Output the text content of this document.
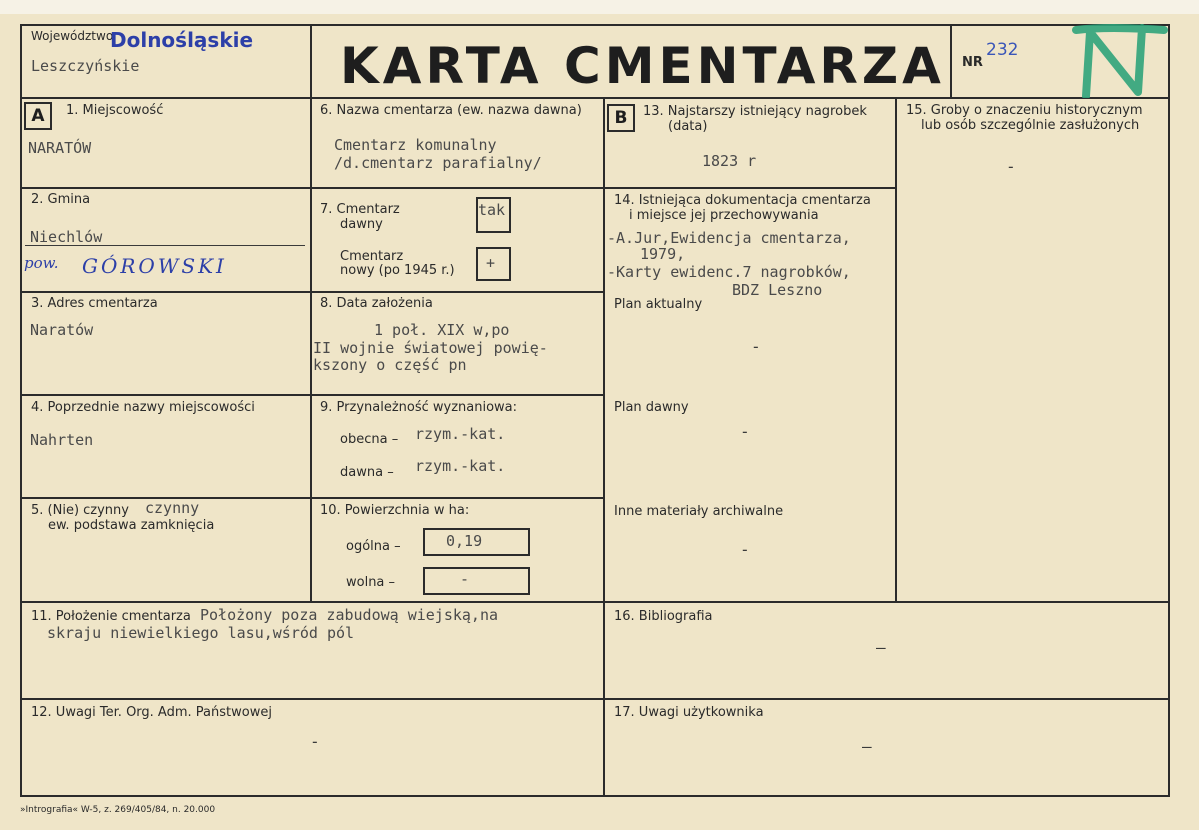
Województwo
Dolnośląskie
Leszczyńskie	KARTA CMENTARZA NR
232
A	1. Miejscowość
NARATÓW
2. Gmina
Niechlów
pow. GÓROWSKI
3. Adres cmentarza
Naratów
4. Poprzednie nazwy miejscowości
Nahrten
5. (Nie) czynny czynny
ew. podstawa zamknięcia
6. Nazwa cmentarza (ew. nazwa dawna)
Cmentarz komunalny
/d.cmentarz parafialny/
7. Cmentarz
dawny
tak
Cmentarz
nowy (po 1945 r.) +
8. Data założenia
1 poł. XIX w,po
II wojnie światowej powię-
kszony o część pn
9. Przynależność wyznaniowa:
obecna – rzym.-kat.
dawna – rzym.-kat.
10. Powierzchnia w ha:
ogólna –	0,19
wolna –	-
B	13. Najstarszy istniejący nagrobek
(data)
1823 r
14. Istniejąca dokumentacja cmentarza
i miejsce jej przechowywania
-A.Jur,Ewidencja cmentarza,
1979,
-Karty ewidenc.7 nagrobków,
BDZ Leszno
Plan aktualny
-
Plan dawny
-
Inne materiały archiwalne
-
15. Groby o znaczeniu historycznym
lub osób szczególnie zasłużonych
-
11. Położenie cmentarza Położony poza zabudową wiejską,na
skraju niewielkiego lasu,wśród pól
16. Bibliografia
–
12. Uwagi Ter. Org. Adm. Państwowej
-
17. Uwagi użytkownika
–
»Intrografia« W-5, z. 269/405/84, n. 20.000
